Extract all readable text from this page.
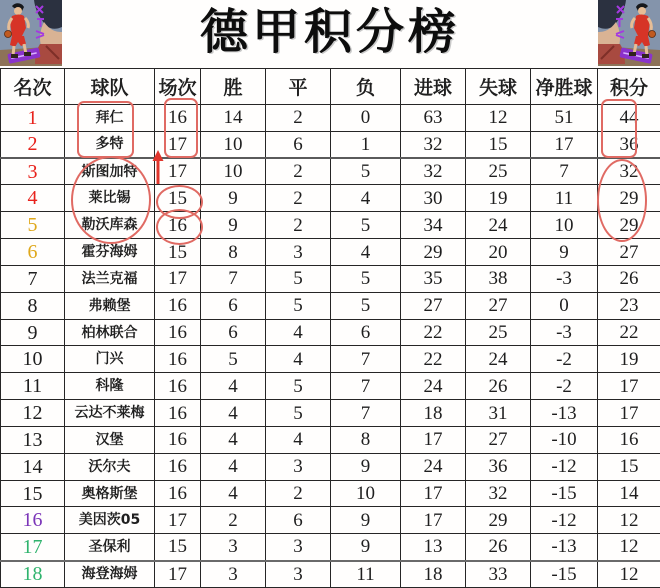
德甲积分榜
名次	球队	场次	胜	平	负	进球	失球	净胜球	积分
1	拜仁	16	14	2	0	63	12	51	44
2	多特	17	10	6	1	32	15	17	36
3	斯图加特	17	10	2	5	32	25	7	32
4	莱比锡	15	9	2	4	30	19	11	29
5	勒沃库森	16	9	2	5	34	24	10	29
6	霍芬海姆	15	8	3	4	29	20	9	27
7	法兰克福	17	7	5	5	35	38	-3	26
8	弗赖堡	16	6	5	5	27	27	0	23
9	柏林联合	16	6	4	6	22	25	-3	22
10	门兴	16	5	4	7	22	24	-2	19
11	科隆	16	4	5	7	24	26	-2	17
12	云达不莱梅	16	4	5	7	18	31	-13	17
13	汉堡	16	4	4	8	17	27	-10	16
14	沃尔夫	16	4	3	9	24	36	-12	15
15	奥格斯堡	16	4	2	10	17	32	-15	14
16	美因茨05	17	2	6	9	17	29	-12	12
17	圣保利	15	3	3	9	13	26	-13	12
18	海登海姆	17	3	3	11	18	33	-15	12
